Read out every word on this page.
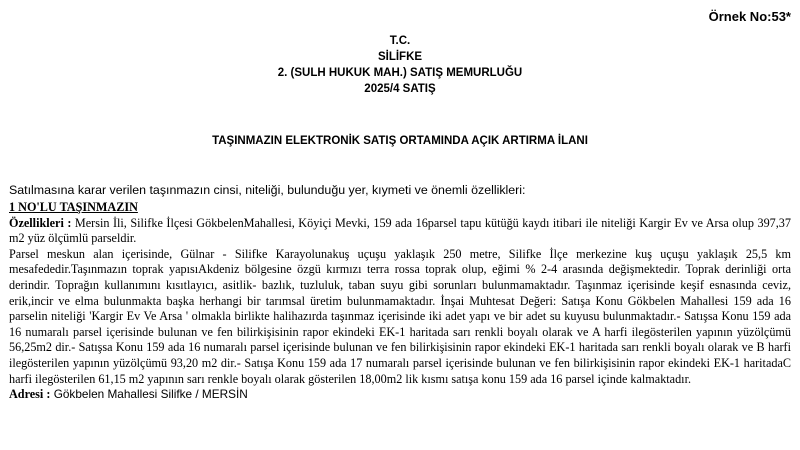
Örnek No:53*
T.C.
SİLİFKE
2. (SULH HUKUK MAH.) SATIŞ MEMURLUĞU
2025/4 SATIŞ
TAŞINMAZIN ELEKTRONİK SATIŞ ORTAMINDA AÇIK ARTIRMA İLANI
Satılmasına karar verilen taşınmazın cinsi, niteliği, bulunduğu yer, kıymeti ve önemli özellikleri:

1 NO'LU TAŞINMAZIN

Özellikleri : Mersin İli, Silifke İlçesi GökbelenMahallesi, Köyiçi Mevki, 159 ada 16parsel tapu kütüğü kaydı itibari ile niteliği Kargir Ev ve Arsa olup 397,37 m2 yüz ölçümlü parseldir.

Parsel meskun alan içerisinde, Gülnar - Silifke Karayolunakuş uçuşu yaklaşık 250 metre, Silifke İlçe merkezine kuş uçuşu yaklaşık 25,5 km mesafededir.Taşınmazın toprak yapısıAkdeniz bölgesine özgü kırmızı terra rossa toprak olup, eğimi % 2-4 arasında değişmektedir. Toprak derinliği orta derindir. Toprağın kullanımını kısıtlayıcı, asitlik- bazlık, tuzluluk, taban suyu gibi sorunları bulunmamaktadır. Taşınmaz içerisinde keşif esnasında ceviz, erik,incir ve elma bulunmakta başka herhangi bir tarımsal üretim bulunmamaktadır. İnşai Muhtesat Değeri: Satışa Konu Gökbelen Mahallesi 159 ada 16 parselin niteliği 'Kargir Ev Ve Arsa ' olmakla birlikte halihazırda taşınmaz içerisinde iki adet yapı ve bir adet su kuyusu bulunmaktadır.- Satışsa Konu 159 ada 16 numaralı parsel içerisinde bulunan ve fen bilirkişisinin rapor ekindeki EK-1 haritada sarı renkli boyalı olarak ve A harfi ilegösterilen yapının yüzölçümü 56,25m2 dir.- Satışsa Konu 159 ada 16 numaralı parsel içerisinde bulunan ve fen bilirkişisinin rapor ekindeki EK-1 haritada sarı renkli boyalı olarak ve B harfi ilegösterilen yapının yüzölçümü 93,20 m2 dir.- Satışa Konu 159 ada 17 numaralı parsel içerisinde bulunan ve fen bilirkişisinin rapor ekindeki EK-1 haritadaC harfi ilegösterilen 61,15 m2 yapının sarı renkle boyalı olarak gösterilen 18,00m2 lik kısmı satışa konu 159 ada 16 parsel içinde kalmaktadır.

Adresi : Gökbelen Mahallesi Silifke / MERSİN
